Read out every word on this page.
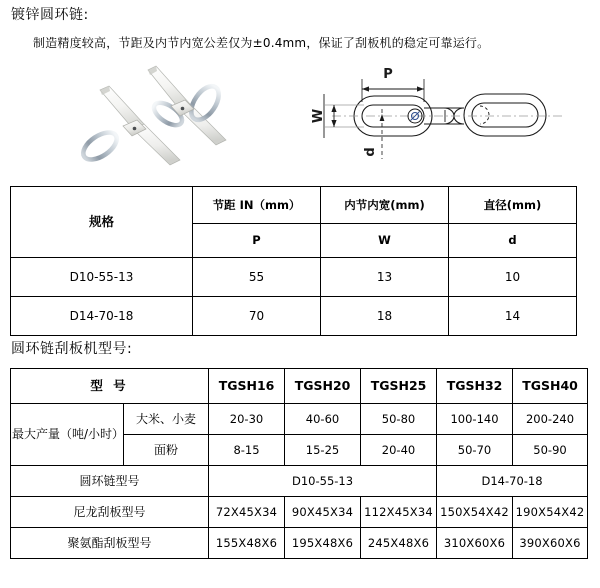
镀锌圆环链:
制造精度较高，节距及内节内宽公差仅为±0.4mm，保证了刮板机的稳定可靠运行。
P
W
d
规格	节距 IN（mm）	内节内宽(mm)	直径(mm)
	P	W	d
D10-55-13	55	13	10
D14-70-18	70	18	14
圆环链刮板机型号:
型 号		TGSH16	TGSH20	TGSH25	TGSH32	TGSH40
最大产量（吨/小时）	大米、小麦	20-30	40-60	50-80	100-140	200-240
	面粉	8-15	15-25	20-40	50-70	50-90
圆环链型号		D10-55-13			D14-70-18	
尼龙刮板型号		72X45X34	90X45X34	112X45X34	150X54X42	190X54X42
聚氨酯刮板型号		155X48X6	195X48X6	245X48X6	310X60X6	390X60X6
